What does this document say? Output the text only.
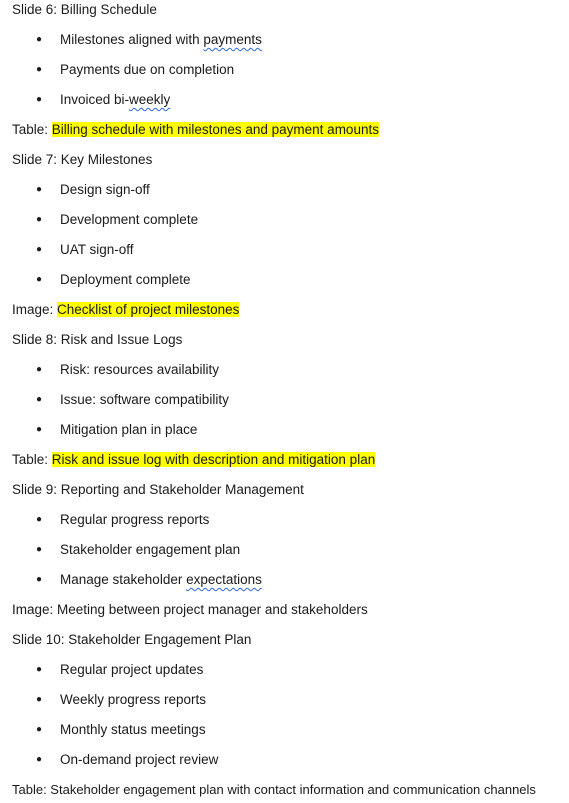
Slide 6: Billing Schedule
● Milestones aligned with payments
● Payments due on completion
● Invoiced bi-weekly
Table: Billing schedule with milestones and payment amounts
Slide 7: Key Milestones
● Design sign-off
● Development complete
● UAT sign-off
● Deployment complete
Image: Checklist of project milestones
Slide 8: Risk and Issue Logs
● Risk: resources availability
● Issue: software compatibility
● Mitigation plan in place
Table: Risk and issue log with description and mitigation plan
Slide 9: Reporting and Stakeholder Management
● Regular progress reports
● Stakeholder engagement plan
● Manage stakeholder expectations
Image: Meeting between project manager and stakeholders
Slide 10: Stakeholder Engagement Plan
● Regular project updates
● Weekly progress reports
● Monthly status meetings
● On-demand project review
Table: Stakeholder engagement plan with contact information and communication channels
